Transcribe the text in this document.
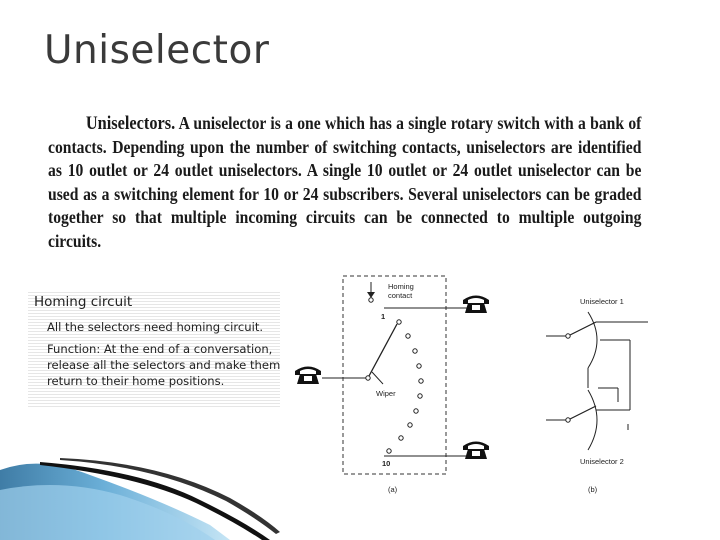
Uniselector
Uniselectors. A uniselector is a one which has a single rotary switch with a bank of contacts. Depending upon the number of switching contacts, uniselectors are identified as 10 outlet or 24 outlet uniselectors. A single 10 outlet or 24 outlet uniselector can be used as a switching element for 10 or 24 subscribers. Several uniselectors can be graded together so that multiple incoming circuits can be connected to multiple outgoing circuits.
Homing circuit
All the selectors need homing circuit.
Function: At the end of a conversation,
release all the selectors and make them
return to their home positions.
Homing
contact
1
Wiper
10
(a)
Uniselector 1
Uniselector 2
(b)
